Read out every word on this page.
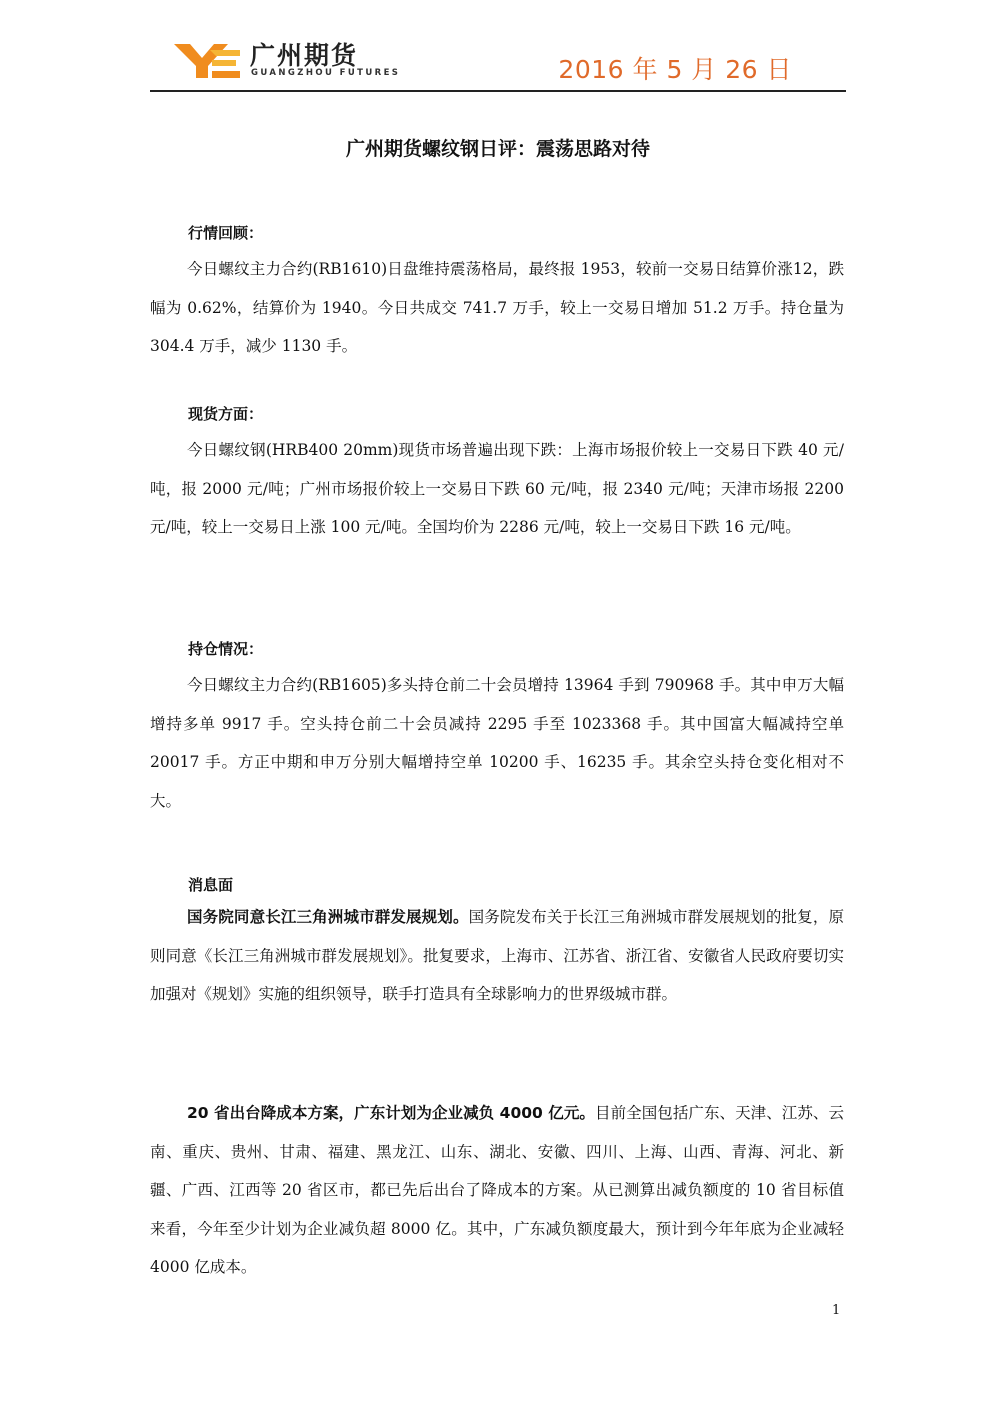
广州期货
GUANGZHOU FUTURES	2016 年 5 月 26 日
广州期货螺纹钢日评：震荡思路对待
行情回顾：

今日螺纹主力合约(RB1610)日盘维持震荡格局，最终报 1953，较前一交易日结算价涨12，跌幅为 0.62%，结算价为 1940。今日共成交 741.7 万手，较上一交易日增加 51.2 万手。持仓量为 304.4 万手，减少 1130 手。

现货方面：

今日螺纹钢(HRB400 20mm)现货市场普遍出现下跌：上海市场报价较上一交易日下跌 40 元/吨，报 2000 元/吨；广州市场报价较上一交易日下跌 60 元/吨，报 2340 元/吨；天津市场报 2200 元/吨，较上一交易日上涨 100 元/吨。全国均价为 2286 元/吨，较上一交易日下跌 16 元/吨。

持仓情况：

今日螺纹主力合约(RB1605)多头持仓前二十会员增持 13964 手到 790968 手。其中申万大幅增持多单 9917 手。空头持仓前二十会员减持 2295 手至 1023368 手。其中国富大幅减持空单 20017 手。方正中期和申万分别大幅增持空单 10200 手、16235 手。其余空头持仓变化相对不大。

消息面

国务院同意长江三角洲城市群发展规划。国务院发布关于长江三角洲城市群发展规划的批复，原则同意《长江三角洲城市群发展规划》。批复要求，上海市、江苏省、浙江省、安徽省人民政府要切实加强对《规划》实施的组织领导，联手打造具有全球影响力的世界级城市群。

20 省出台降成本方案，广东计划为企业减负 4000 亿元。目前全国包括广东、天津、江苏、云南、重庆、贵州、甘肃、福建、黑龙江、山东、湖北、安徽、四川、上海、山西、青海、河北、新疆、广西、江西等 20 省区市，都已先后出台了降成本的方案。从已测算出减负额度的 10 省目标值来看，今年至少计划为企业减负超 8000 亿。其中，广东减负额度最大，预计到今年年底为企业减轻 4000 亿成本。

1
